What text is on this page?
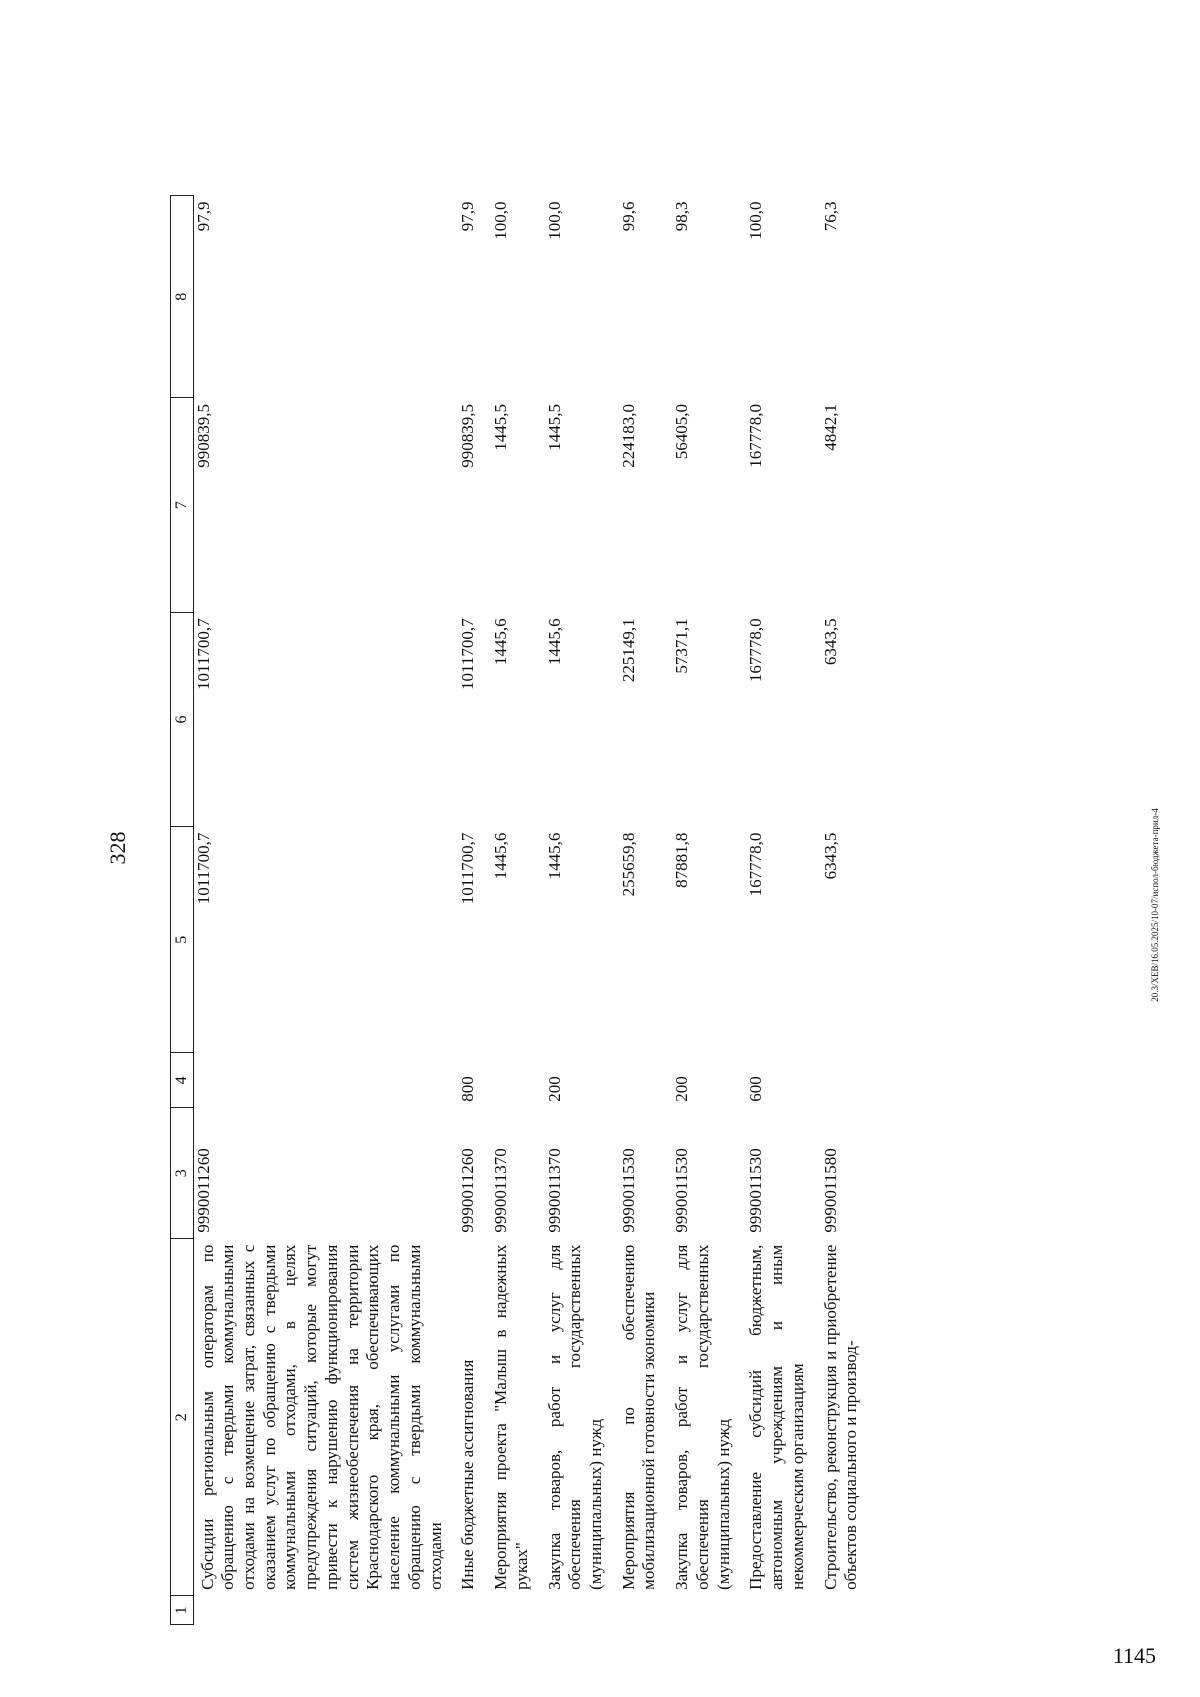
328
1	2	3	4	5	6	7	8
	Субсидии региональным операторам по обращению с твердыми коммунальными отходами на возмещение затрат, связанных с оказанием услуг по обращению с твердыми коммунальными отходами, в целях предупреждения ситуаций, которые могут привести к нарушению функционирования систем жизнеобеспечения на территории Краснодарского края, обеспечивающих население коммунальными услугами по обращению с твердыми коммунальными отходами	9990011260		1011700,7	1011700,7	990839,5	97,9
	Иные бюджетные ассигнования	9990011260	800	1011700,7	1011700,7	990839,5	97,9
	Мероприятия проекта "Малыш в надежных руках"	9990011370		1445,6	1445,6	1445,5	100,0
	Закупка товаров, работ и услуг для обеспечения государственных (муниципальных) нужд	9990011370	200	1445,6	1445,6	1445,5	100,0
	Мероприятия по обеспечению мобилизационной готовности экономики	9990011530		255659,8	225149,1	224183,0	99,6
	Закупка товаров, работ и услуг для обеспечения государственных (муниципальных) нужд	9990011530	200	87881,8	57371,1	56405,0	98,3
	Предоставление субсидий бюджетным, автономным учреждениям и иным некоммерческим организациям	9990011530	600	167778,0	167778,0	167778,0	100,0
	Строительство, реконструкция и приобретение объектов социального и производ-	9990011580		6343,5	6343,5	4842,1	76,3
20.3/ХЕВ/16.05.2025/10-07/испол-бюджета-прил-4
1145
